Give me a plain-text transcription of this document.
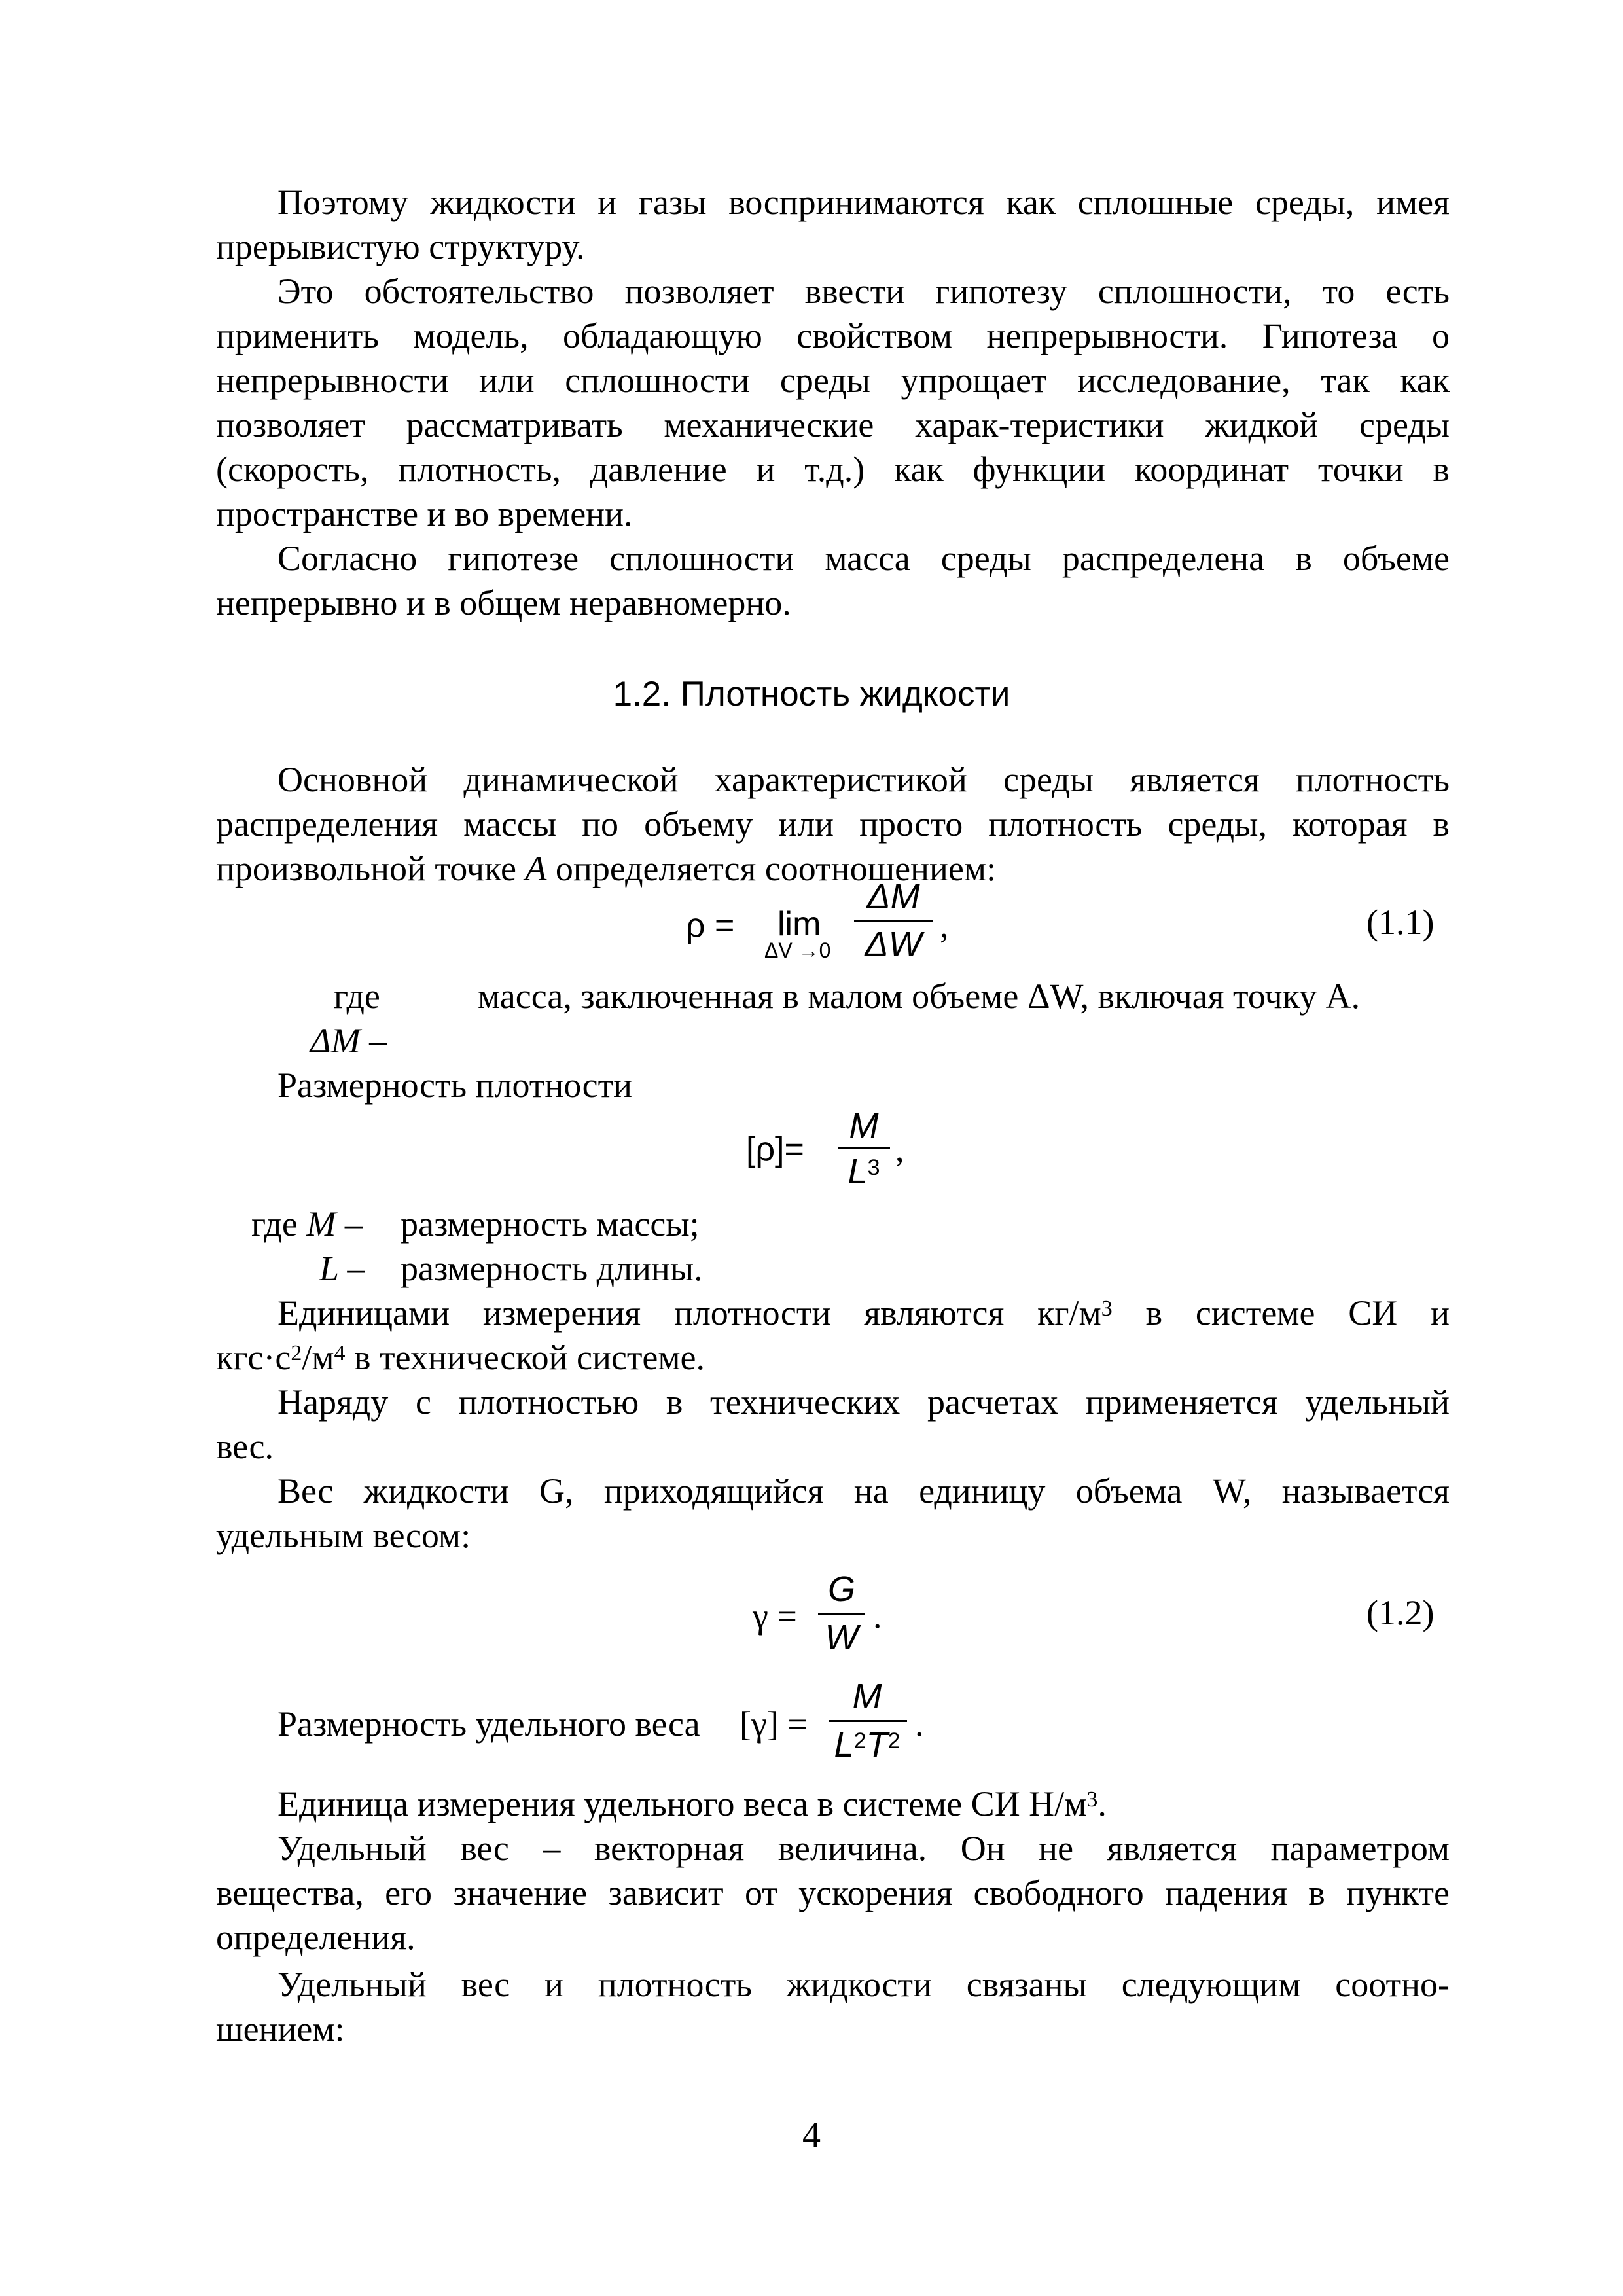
Поэтому жидкости и газы воспринимаются как сплошные среды, имея
прерывистую структуру.
Это обстоятельство позволяет ввести гипотезу сплошности, то есть
применить модель, обладающую свойством непрерывности. Гипотеза о
непрерывности или сплошности среды упрощает исследование, так как
позволяет рассматривать механические харак-теристики жидкой среды
(скорость, плотность, давление и т.д.) как функции координат точки в
пространстве и во времени.
Согласно гипотезе сплошности масса среды распределена в объеме
непрерывно и в общем неравномерно.
1.2. Плотность жидкости
Основной динамической характеристикой среды является плотность
распределения массы по объему или просто плотность среды, которая в
произвольной точке A определяется соотношением:
ρ = lim
ΔV →0
ΔM
ΔW ,	(1.1)
где
ΔM –
масса, заключенная в малом объеме ΔW, включая точку A.
Размерность плотности
[ρ]=
M
$L^3$ ,
где M – размерность массы;
L – размерность длины.
Единицами измерения плотности являются $кг/м^3$ в системе СИ и
$кгс\cdot с^2/м^4$ в технической системе.
Наряду с плотностью в технических расчетах применяется удельный
вес.
Вес жидкости G, приходящийся на единицу объема W, называется
удельным весом:
γ =
G
W
.	(1.2)
Размерность удельного веса [γ] =
M
$L^2T^2$ .
Единица измерения удельного веса в системе СИ $Н/м^3$.
Удельный вес – векторная величина. Он не является параметром
вещества, его значение зависит от ускорения свободного падения в пункте
определения.
Удельный вес и плотность жидкости связаны следующим соотно-
шением:
4
